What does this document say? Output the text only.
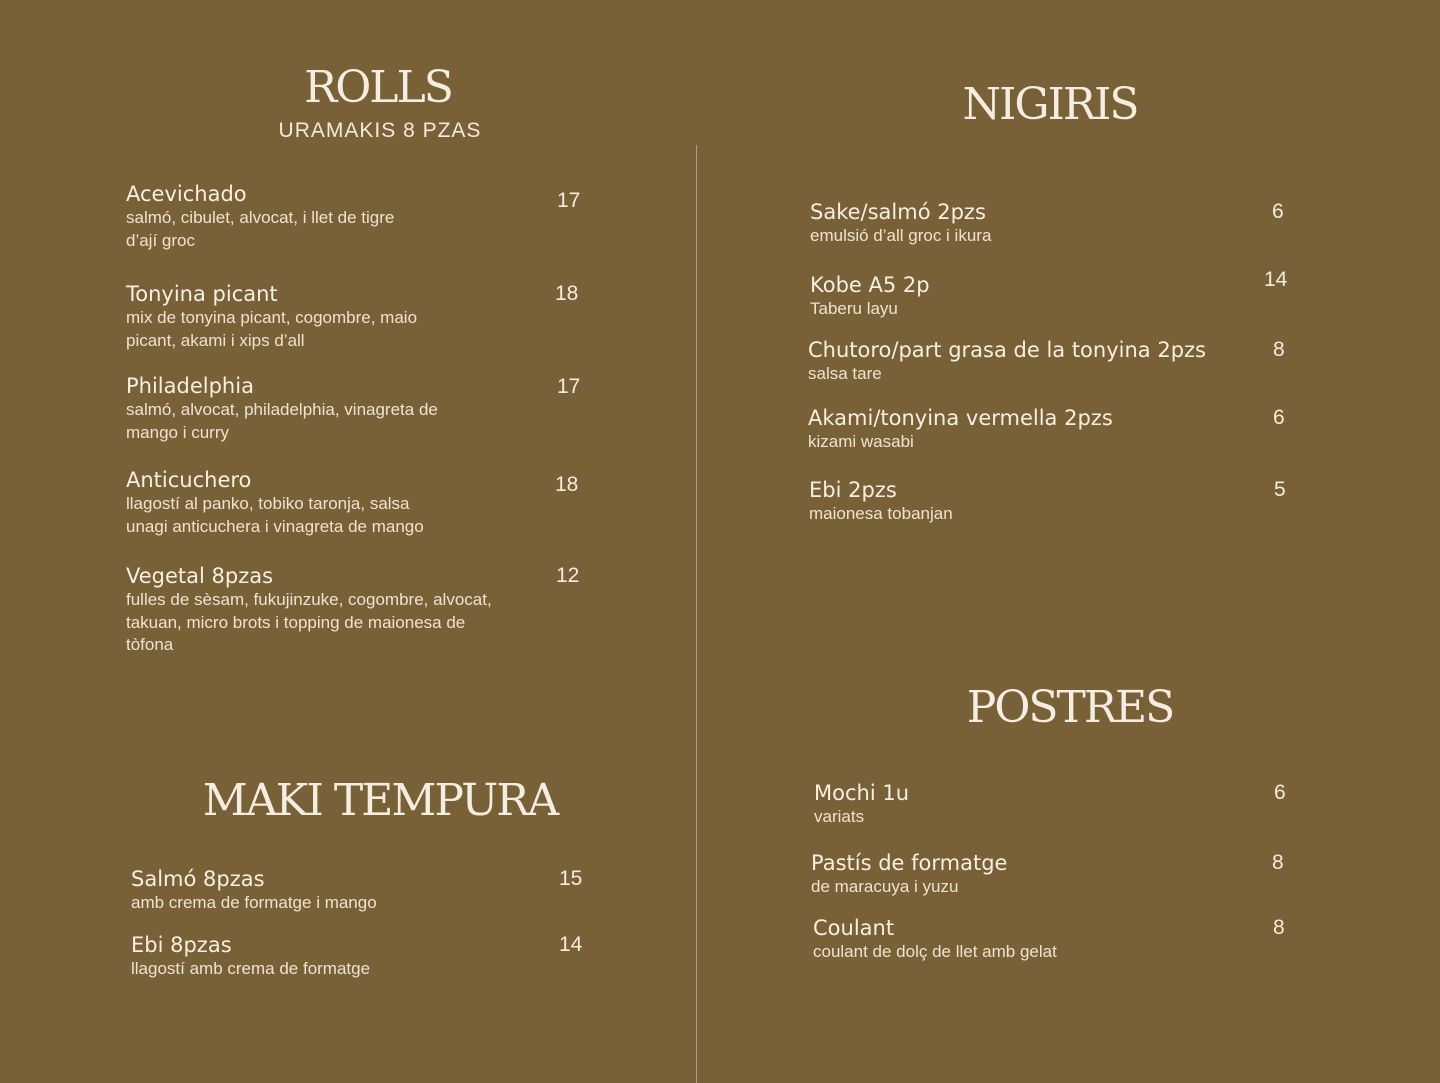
ROLLS
URAMAKIS 8 PZAS
Acevichado
salmó, cibulet, alvocat, i llet de tigre
d’ají groc
17
Tonyina picant
mix de tonyina picant, cogombre, maio
picant, akami i xips d’all
18
Philadelphia
salmó, alvocat, philadelphia, vinagreta de
mango i curry
17
Anticuchero
llagostí al panko, tobiko taronja, salsa
unagi anticuchera i vinagreta de mango
18
Vegetal 8pzas
fulles de sèsam, fukujinzuke, cogombre, alvocat,
takuan, micro brots i topping de maionesa de
tòfona
12
MAKI TEMPURA
Salmó 8pzas
amb crema de formatge i mango
15
Ebi 8pzas
llagostí amb crema de formatge
14
NIGIRIS
Sake/salmó 2pzs
emulsió d’all groc i ikura
6
Kobe A5 2p
Taberu layu
14
Chutoro/part grasa de la tonyina 2pzs
salsa tare
8
Akami/tonyina vermella 2pzs
kizami wasabi
6
Ebi 2pzs
maionesa tobanjan
5
POSTRES
Mochi 1u
variats
6
Pastís de formatge
de maracuya i yuzu
8
Coulant
coulant de dolç de llet amb gelat
8
